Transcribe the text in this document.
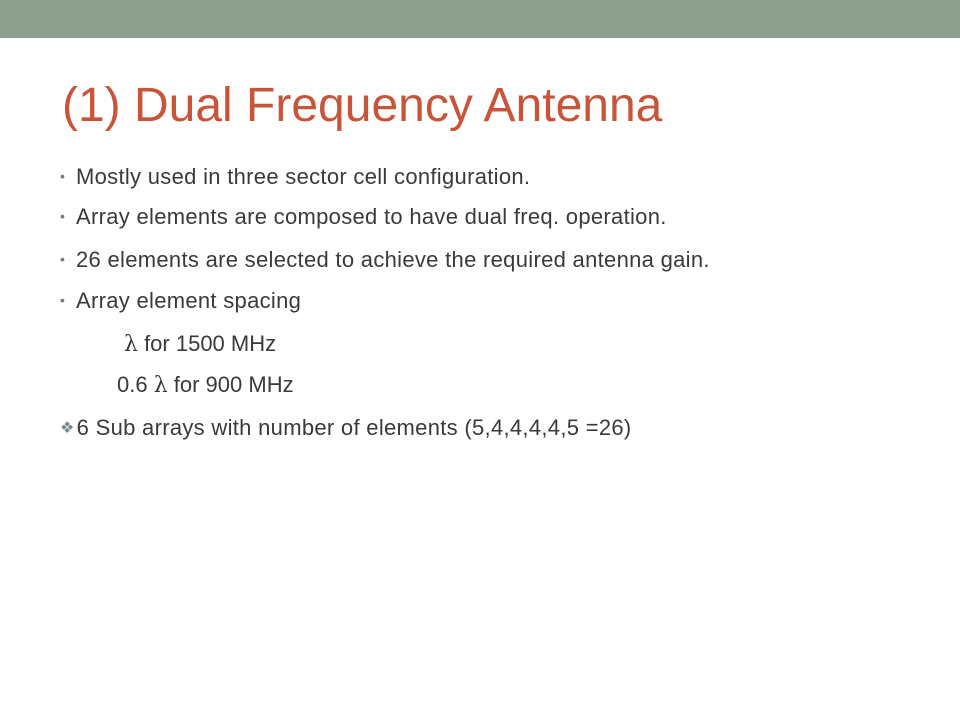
(1) Dual Frequency Antenna
• Mostly used in three sector cell configuration.
• Array elements are composed to have dual freq. operation.
• 26 elements are selected to achieve the required antenna gain.
• Array element spacing
λ for 1500 MHz
0.6 λ for 900 MHz
❖6 Sub arrays with number of elements (5,4,4,4,4,5 =26)
